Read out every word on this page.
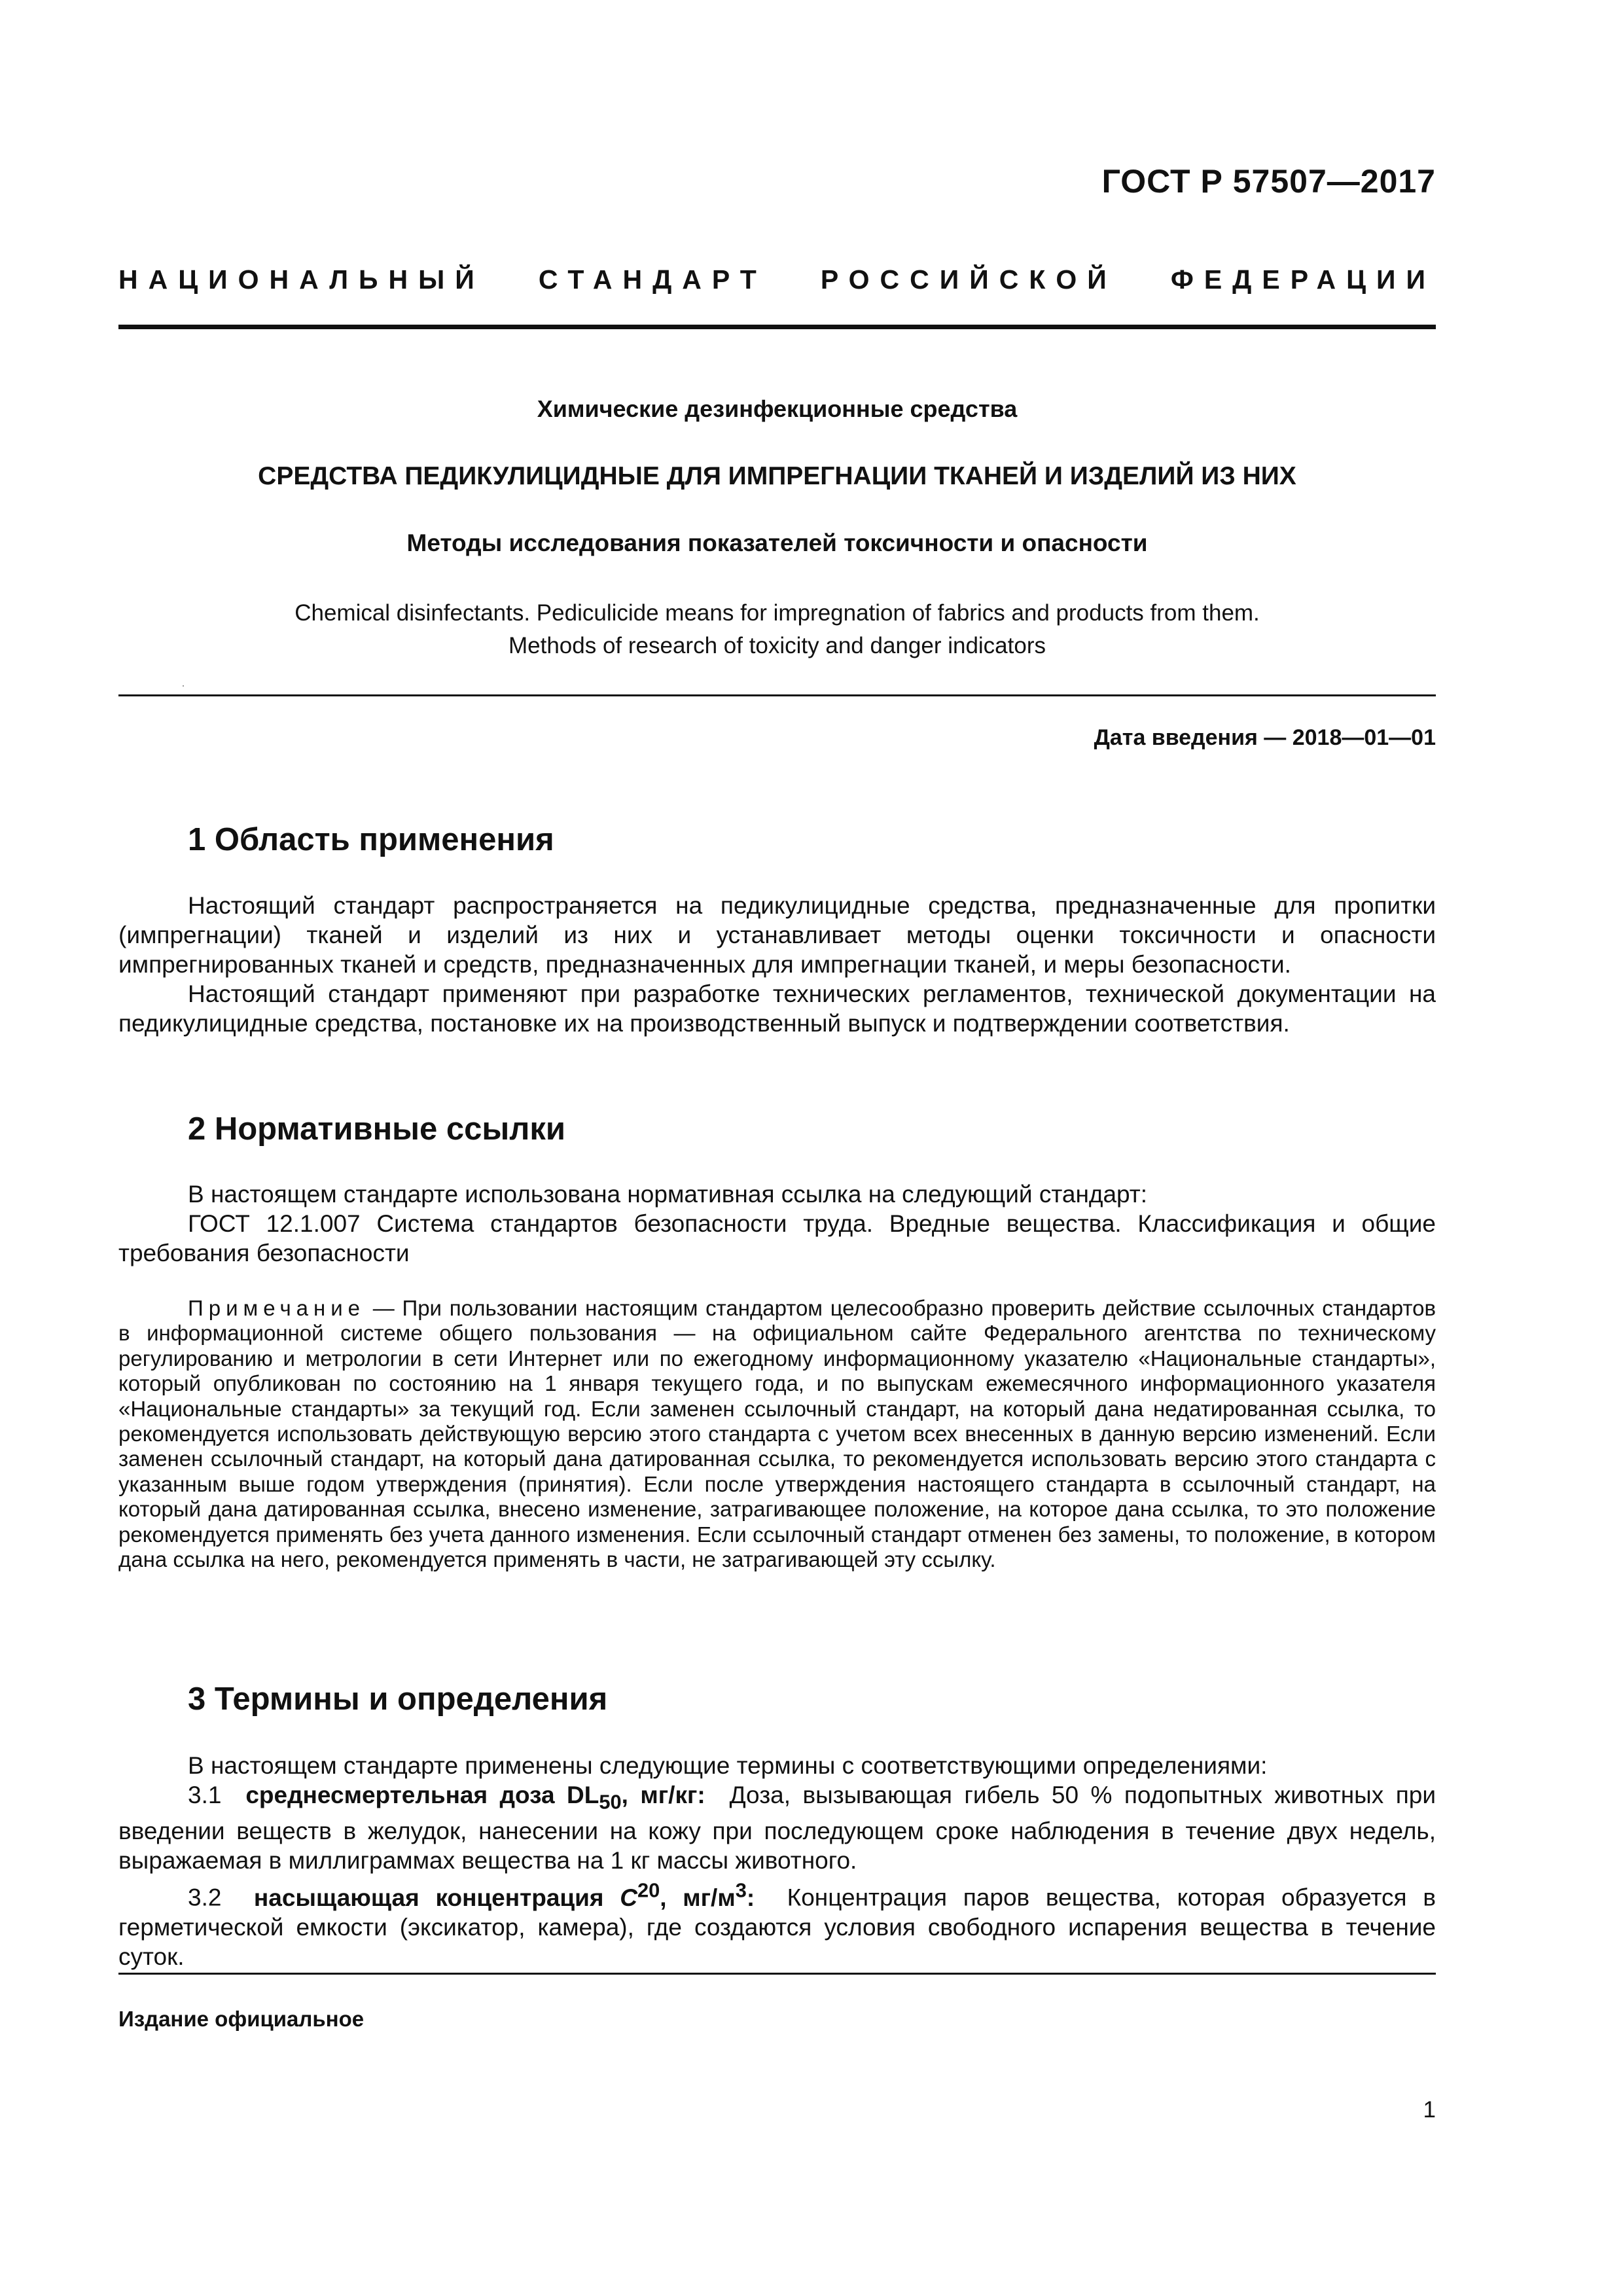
ГОСТ Р 57507—2017
НАЦИОНАЛЬНЫЙ СТАНДАРТ РОССИЙСКОЙ ФЕДЕРАЦИИ
Химические дезинфекционные средства
СРЕДСТВА ПЕДИКУЛИЦИДНЫЕ ДЛЯ ИМПРЕГНАЦИИ ТКАНЕЙ И ИЗДЕЛИЙ ИЗ НИХ
Методы исследования показателей токсичности и опасности
Chemical disinfectants. Pediculicide means for impregnation of fabrics and products from them.
Methods of research of toxicity and danger indicators
Дата введения — 2018—01—01
1 Область применения

Настоящий стандарт распространяется на педикулицидные средства, предназначенные для пропитки (импрегнации) тканей и изделий из них и устанавливает методы оценки токсичности и опасности импрегнированных тканей и средств, предназначенных для импрегнации тканей, и меры безопасности.

Настоящий стандарт применяют при разработке технических регламентов, технической документации на педикулицидные средства, постановке их на производственный выпуск и подтверждении соответствия.

2 Нормативные ссылки

В настоящем стандарте использована нормативная ссылка на следующий стандарт:

ГОСТ 12.1.007 Система стандартов безопасности труда. Вредные вещества. Классификация и общие требования безопасности

Примечание — При пользовании настоящим стандартом целесообразно проверить действие ссылочных стандартов в информационной системе общего пользования — на официальном сайте Федерального агентства по техническому регулированию и метрологии в сети Интернет или по ежегодному информационному указателю «Национальные стандарты», который опубликован по состоянию на 1 января текущего года, и по выпускам ежемесячного информационного указателя «Национальные стандарты» за текущий год. Если заменен ссылочный стандарт, на который дана недатированная ссылка, то рекомендуется использовать действующую версию этого стандарта с учетом всех внесенных в данную версию изменений. Если заменен ссылочный стандарт, на который дана датированная ссылка, то рекомендуется использовать версию этого стандарта с указанным выше годом утверждения (принятия). Если после утверждения настоящего стандарта в ссылочный стандарт, на который дана датированная ссылка, внесено изменение, затрагивающее положение, на которое дана ссылка, то это положение рекомендуется применять без учета данного изменения. Если ссылочный стандарт отменен без замены, то положение, в котором дана ссылка на него, рекомендуется применять в части, не затрагивающей эту ссылку.

3 Термины и определения

В настоящем стандарте применены следующие термины с соответствующими определениями:

3.1 среднесмертельная доза $DL_{50}$, мг/кг: Доза, вызывающая гибель 50 % подопытных животных при введении веществ в желудок, нанесении на кожу при последующем сроке наблюдения в течение двух недель, выражаемая в миллиграммах вещества на 1 кг массы животного.

3.2 насыщающая концентрация $C^{20}$, $мг/м^3$: Концентрация паров вещества, которая образуется в герметической емкости (эксикатор, камера), где создаются условия свободного испарения вещества в течение суток.

Издание официальное
1
